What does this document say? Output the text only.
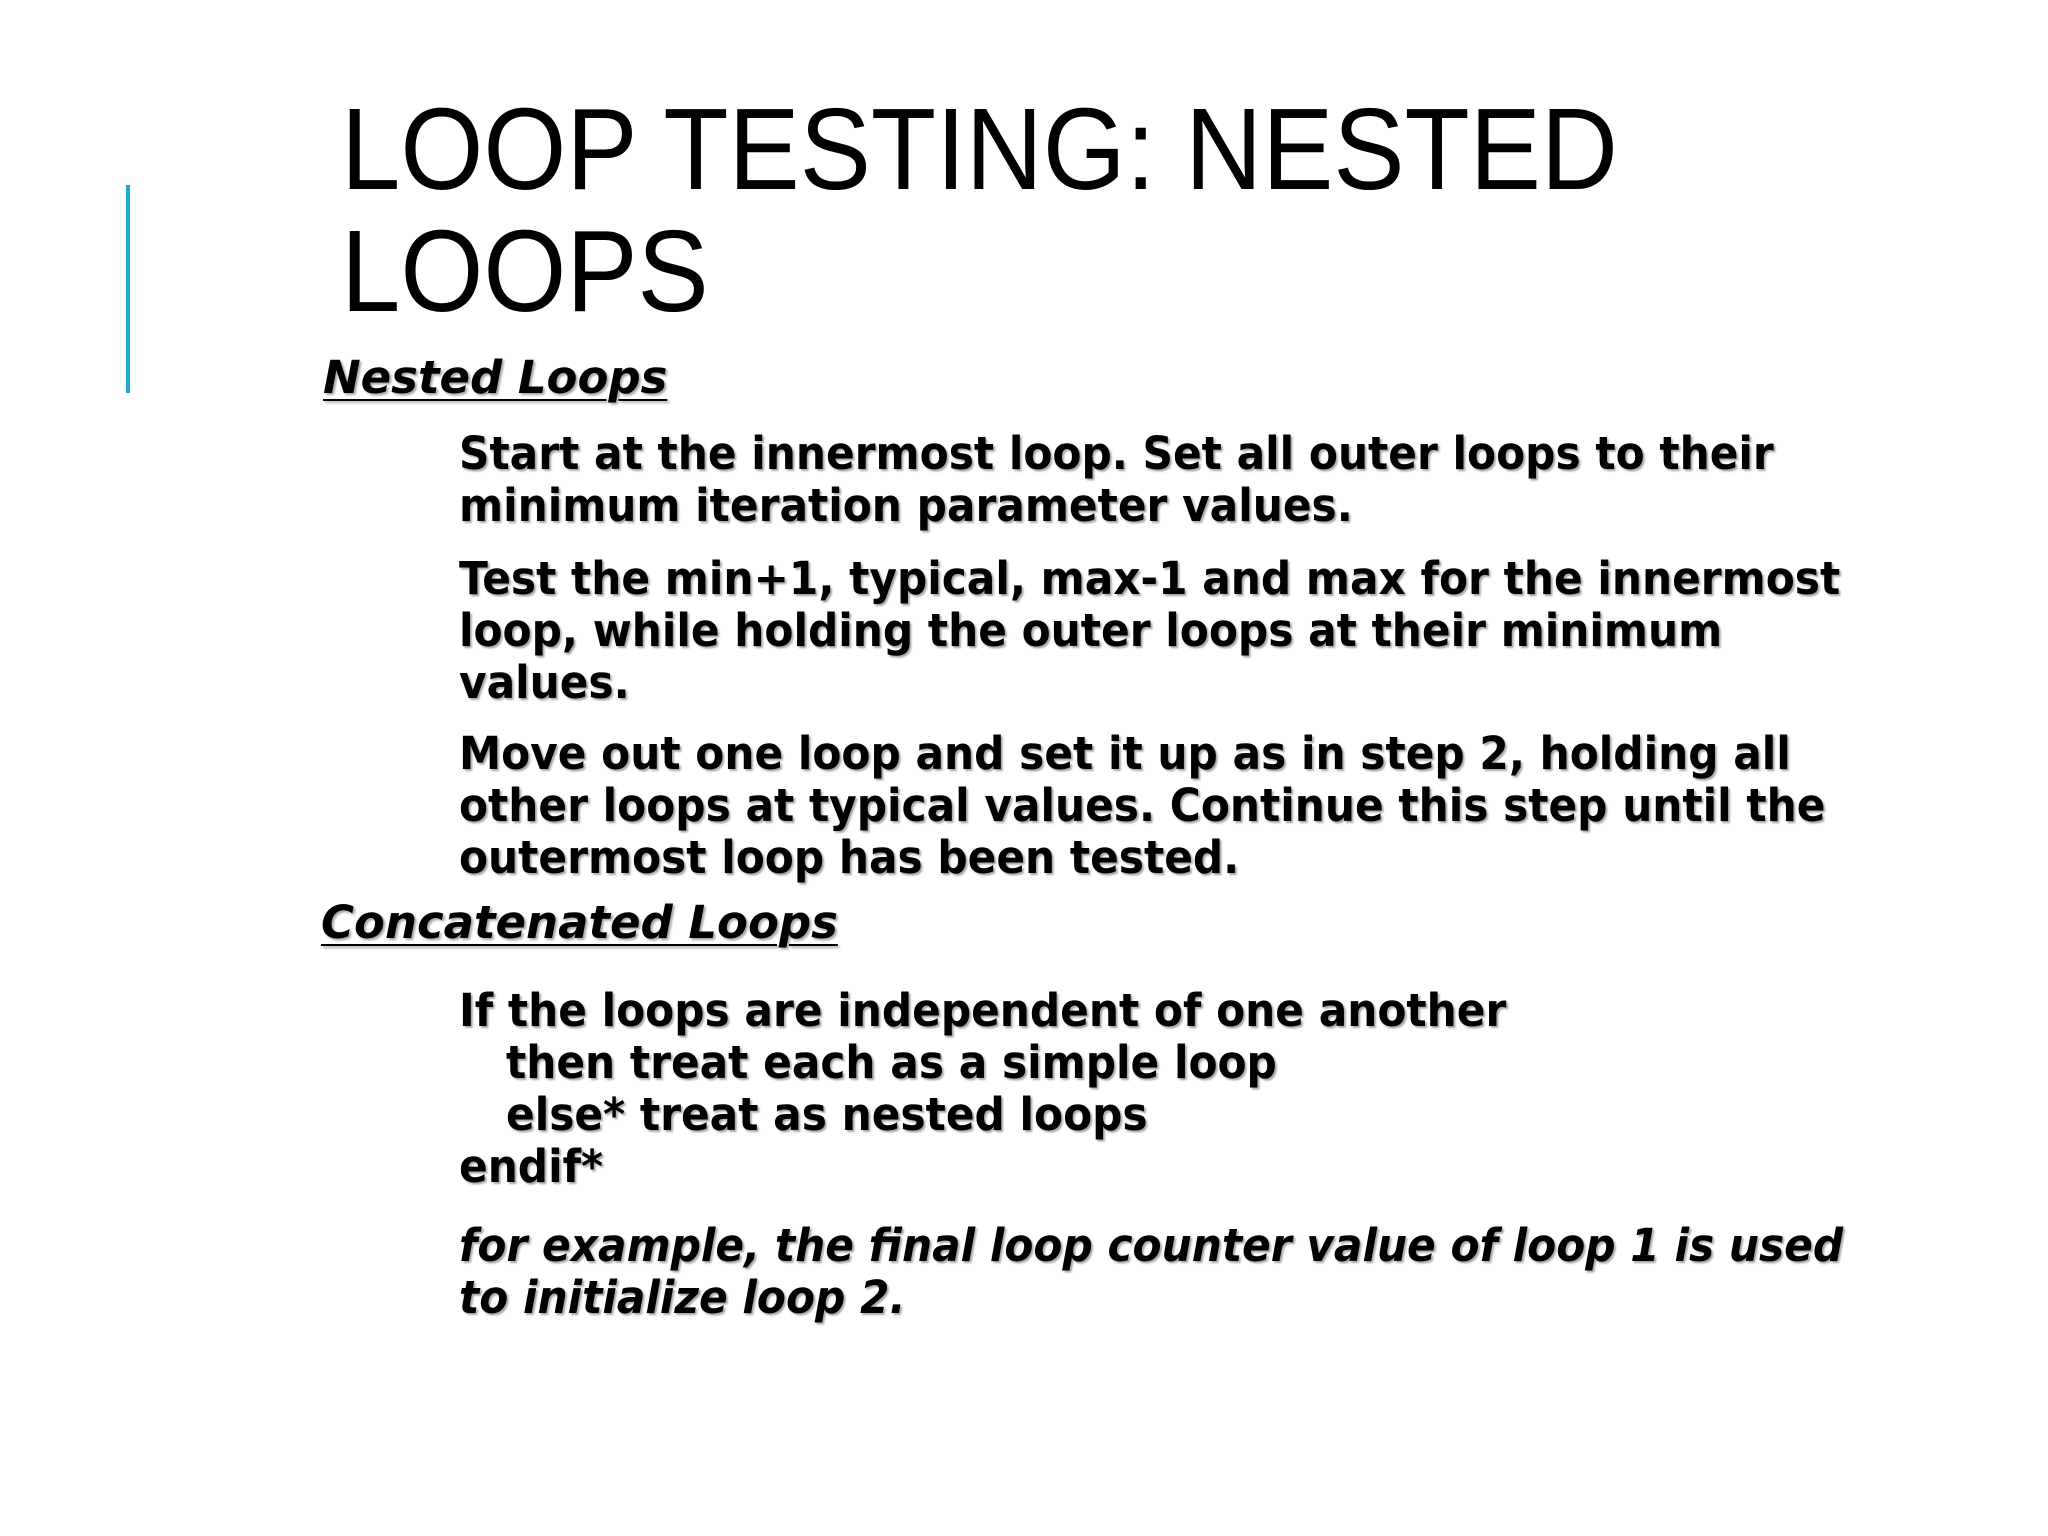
LOOP TESTING: NESTED
LOOPS

Nested Loops

Start at the innermost loop. Set all outer loops to their minimum iteration parameter values.

Test the min+1, typical, max-1 and max for the innermost loop, while holding the outer loops at their minimum values.

Move out one loop and set it up as in step 2, holding all other loops at typical values. Continue this step until the outermost loop has been tested.

Concatenated Loops

If the loops are independent of one another
then treat each as a simple loop
else* treat as nested loops
endif*

for example, the final loop counter value of loop 1 is used to initialize loop 2.
